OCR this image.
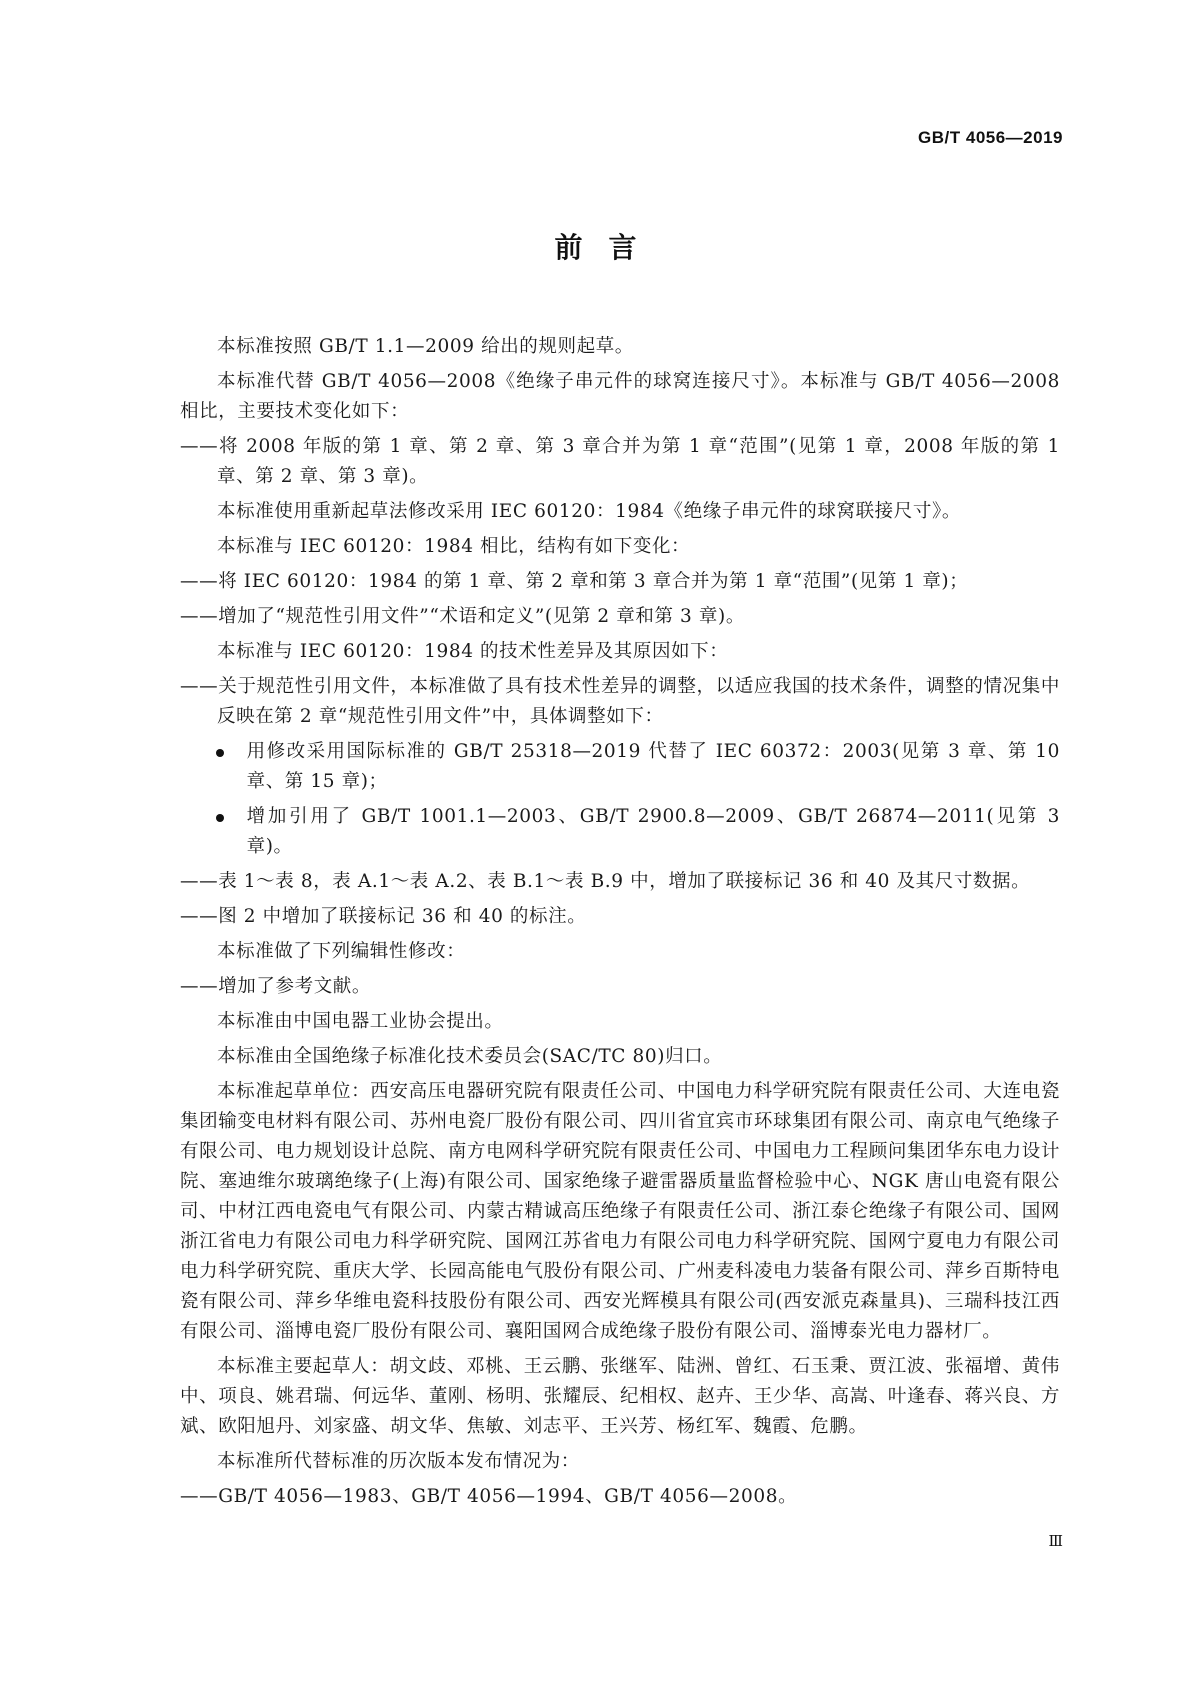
GB/T 4056—2019
前言

本标准按照 GB/T 1.1—2009 给出的规则起草。

本标准代替 GB/T 4056—2008《绝缘子串元件的球窝连接尺寸》。本标准与 GB/T 4056—2008 相比，主要技术变化如下：

——将 2008 年版的第 1 章、第 2 章、第 3 章合并为第 1 章“范围”(见第 1 章，2008 年版的第 1 章、第 2 章、第 3 章)。

本标准使用重新起草法修改采用 IEC 60120：1984《绝缘子串元件的球窝联接尺寸》。

本标准与 IEC 60120：1984 相比，结构有如下变化：

——将 IEC 60120：1984 的第 1 章、第 2 章和第 3 章合并为第 1 章“范围”(见第 1 章)；

——增加了“规范性引用文件”“术语和定义”(见第 2 章和第 3 章)。

本标准与 IEC 60120：1984 的技术性差异及其原因如下：

——关于规范性引用文件，本标准做了具有技术性差异的调整，以适应我国的技术条件，调整的情况集中反映在第 2 章“规范性引用文件”中，具体调整如下：

用修改采用国际标准的 GB/T 25318—2019 代替了 IEC 60372：2003(见第 3 章、第 10 章、第 15 章)；
增加引用了 GB/T 1001.1—2003、GB/T 2900.8—2009、GB/T 26874—2011(见第 3 章)。

——表 1～表 8，表 A.1～表 A.2、表 B.1～表 B.9 中，增加了联接标记 36 和 40 及其尺寸数据。

——图 2 中增加了联接标记 36 和 40 的标注。

本标准做了下列编辑性修改：

——增加了参考文献。

本标准由中国电器工业协会提出。

本标准由全国绝缘子标准化技术委员会(SAC/TC 80)归口。

本标准起草单位：西安高压电器研究院有限责任公司、中国电力科学研究院有限责任公司、大连电瓷集团输变电材料有限公司、苏州电瓷厂股份有限公司、四川省宜宾市环球集团有限公司、南京电气绝缘子有限公司、电力规划设计总院、南方电网科学研究院有限责任公司、中国电力工程顾问集团华东电力设计院、塞迪维尔玻璃绝缘子(上海)有限公司、国家绝缘子避雷器质量监督检验中心、NGK 唐山电瓷有限公司、中材江西电瓷电气有限公司、内蒙古精诚高压绝缘子有限责任公司、浙江泰仑绝缘子有限公司、国网浙江省电力有限公司电力科学研究院、国网江苏省电力有限公司电力科学研究院、国网宁夏电力有限公司电力科学研究院、重庆大学、长园高能电气股份有限公司、广州麦科凌电力装备有限公司、萍乡百斯特电瓷有限公司、萍乡华维电瓷科技股份有限公司、西安光辉模具有限公司(西安派克森量具)、三瑞科技江西有限公司、淄博电瓷厂股份有限公司、襄阳国网合成绝缘子股份有限公司、淄博泰光电力器材厂。

本标准主要起草人：胡文歧、邓桃、王云鹏、张继军、陆洲、曾红、石玉秉、贾江波、张福增、黄伟中、项良、姚君瑞、何远华、董刚、杨明、张耀辰、纪相权、赵卉、王少华、高嵩、叶逢春、蒋兴良、方斌、欧阳旭丹、刘家盛、胡文华、焦敏、刘志平、王兴芳、杨红军、魏霞、危鹏。

本标准所代替标准的历次版本发布情况为：

——GB/T 4056—1983、GB/T 4056—1994、GB/T 4056—2008。

Ⅲ
